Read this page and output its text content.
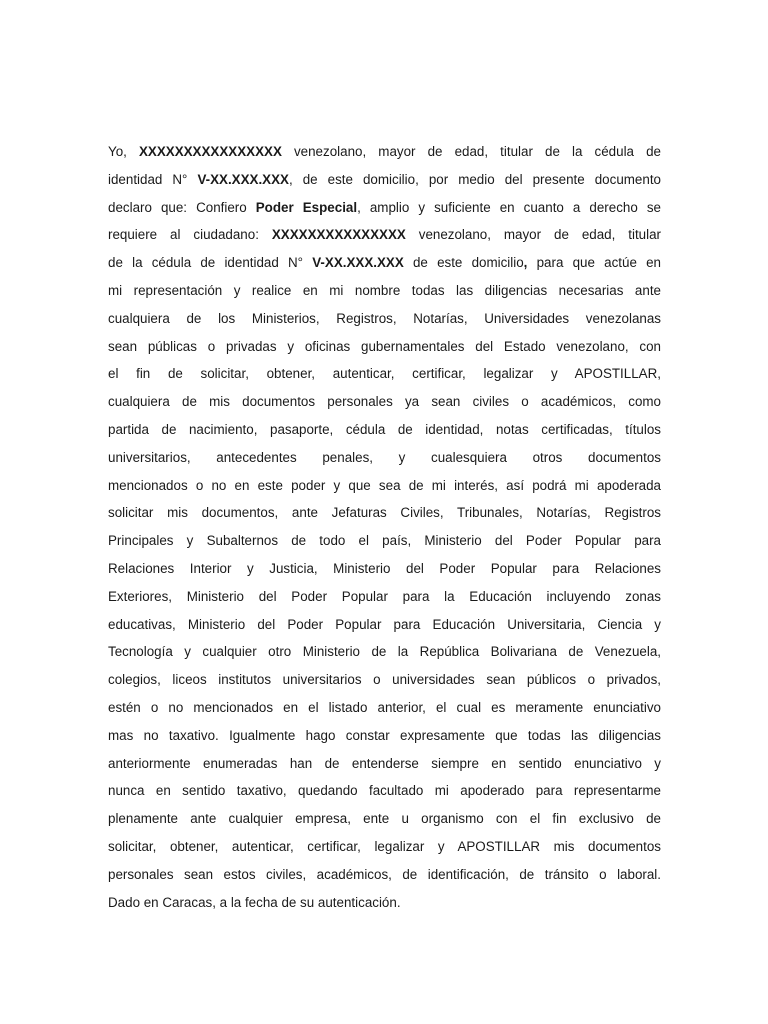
Yo, XXXXXXXXXXXXXXXX venezolano, mayor de edad, titular de la cédula de
identidad N° V-XX.XXX.XXX, de este domicilio, por medio del presente documento
declaro que: Confiero Poder Especial, amplio y suficiente en cuanto a derecho se
requiere al ciudadano: XXXXXXXXXXXXXXX venezolano, mayor de edad, titular
de la cédula de identidad N° V-XX.XXX.XXX de este domicilio, para que actúe en
mi representación y realice en mi nombre todas las diligencias necesarias ante
cualquiera de los Ministerios, Registros, Notarías, Universidades venezolanas
sean públicas o privadas y oficinas gubernamentales del Estado venezolano, con
el fin de solicitar, obtener, autenticar, certificar, legalizar y APOSTILLAR,
cualquiera de mis documentos personales ya sean civiles o académicos, como
partida de nacimiento, pasaporte, cédula de identidad, notas certificadas, títulos
universitarios, antecedentes penales, y cualesquiera otros documentos
mencionados o no en este poder y que sea de mi interés, así podrá mi apoderada
solicitar mis documentos, ante Jefaturas Civiles, Tribunales, Notarías, Registros
Principales y Subalternos de todo el país, Ministerio del Poder Popular para
Relaciones Interior y Justicia, Ministerio del Poder Popular para Relaciones
Exteriores, Ministerio del Poder Popular para la Educación incluyendo zonas
educativas, Ministerio del Poder Popular para Educación Universitaria, Ciencia y
Tecnología y cualquier otro Ministerio de la República Bolivariana de Venezuela,
colegios, liceos institutos universitarios o universidades sean públicos o privados,
estén o no mencionados en el listado anterior, el cual es meramente enunciativo
mas no taxativo. Igualmente hago constar expresamente que todas las diligencias
anteriormente enumeradas han de entenderse siempre en sentido enunciativo y
nunca en sentido taxativo, quedando facultado mi apoderado para representarme
plenamente ante cualquier empresa, ente u organismo con el fin exclusivo de
solicitar, obtener, autenticar, certificar, legalizar y APOSTILLAR mis documentos
personales sean estos civiles, académicos, de identificación, de tránsito o laboral.
Dado en Caracas, a la fecha de su autenticación.
